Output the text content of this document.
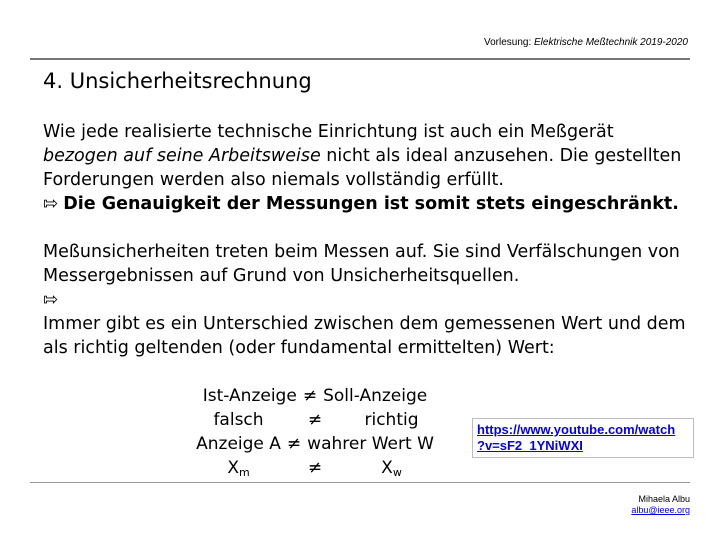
Vorlesung: Elektrische Meßtechnik 2019-2020
4. Unsicherheitsrechnung

Wie jede realisierte technische Einrichtung ist auch ein Meßgerät bezogen auf seine Arbeitsweise nicht als ideal anzusehen. Die gestellten Forderungen werden also niemals vollständig erfüllt.
⇰ Die Genauigkeit der Messungen ist somit stets eingeschränkt.

Meßunsicherheiten treten beim Messen auf. Sie sind Verfälschungen von Messergebnissen auf Grund von Unsicherheitsquellen.
⇰
Immer gibt es ein Unterschied zwischen dem gemessenen Wert und dem als richtig geltenden (oder fundamental ermittelten) Wert:

Ist-Anzeige ≠ Soll-Anzeige
falsch	≠	richtig
Anzeige A ≠ wahrer Wert W
$X_m$	≠	$X_w$
https://www.youtube.com/watch
?v=sF2_1YNiWXI
Mihaela Albu
albu@ieee.org
